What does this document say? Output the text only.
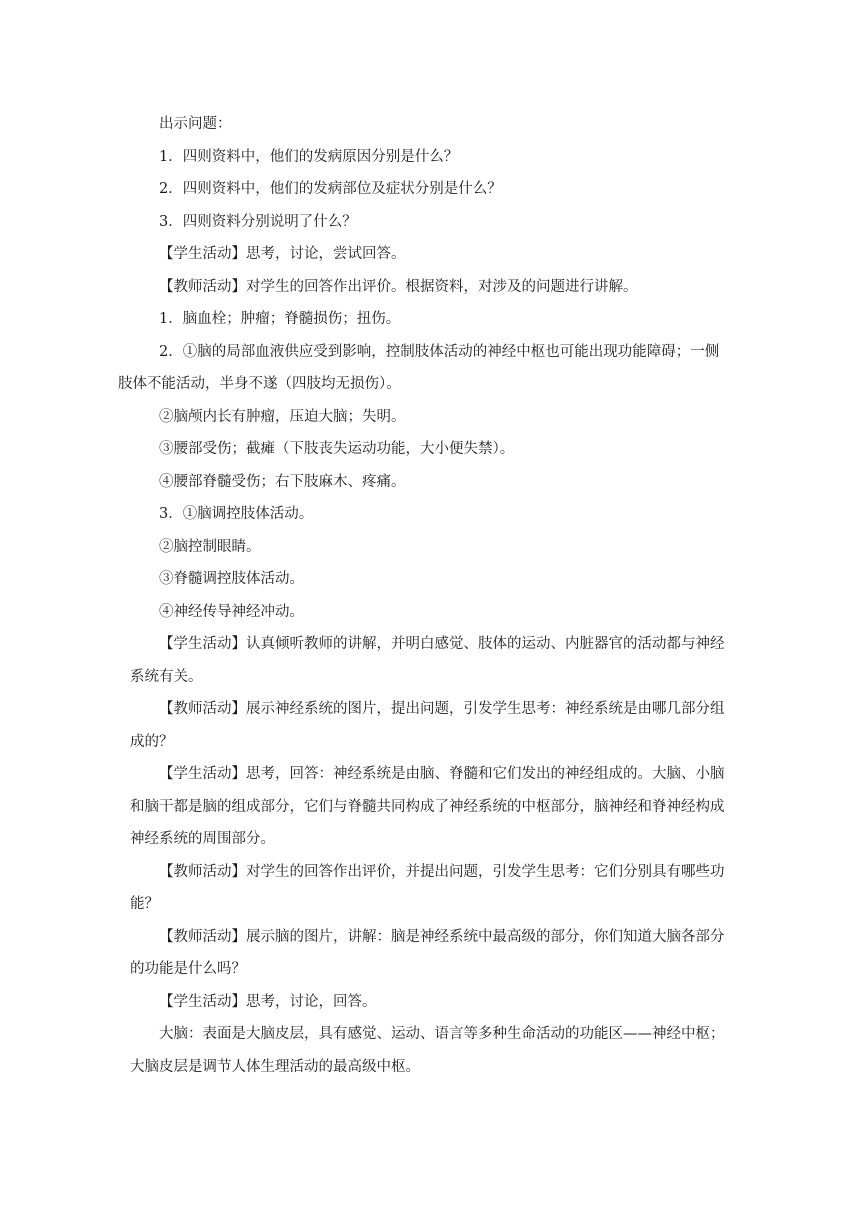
出示问题：

1．四则资料中，他们的发病原因分别是什么？

2．四则资料中，他们的发病部位及症状分别是什么？

3．四则资料分别说明了什么？

【学生活动】思考，讨论，尝试回答。

【教师活动】对学生的回答作出评价。根据资料，对涉及的问题进行讲解。

1．脑血栓；肿瘤；脊髓损伤；扭伤。

2．①脑的局部血液供应受到影响，控制肢体活动的神经中枢也可能出现功能障碍；一侧肢体不能活动，半身不遂（四肢均无损伤）。

②脑颅内长有肿瘤，压迫大脑；失明。

③腰部受伤；截瘫（下肢丧失运动功能，大小便失禁）。

④腰部脊髓受伤；右下肢麻木、疼痛。

3．①脑调控肢体活动。

②脑控制眼睛。

③脊髓调控肢体活动。

④神经传导神经冲动。

【学生活动】认真倾听教师的讲解，并明白感觉、肢体的运动、内脏器官的活动都与神经系统有关。

【教师活动】展示神经系统的图片，提出问题，引发学生思考：神经系统是由哪几部分组成的？

【学生活动】思考，回答：神经系统是由脑、脊髓和它们发出的神经组成的。大脑、小脑和脑干都是脑的组成部分，它们与脊髓共同构成了神经系统的中枢部分，脑神经和脊神经构成神经系统的周围部分。

【教师活动】对学生的回答作出评价，并提出问题，引发学生思考：它们分别具有哪些功能？

【教师活动】展示脑的图片，讲解：脑是神经系统中最高级的部分，你们知道大脑各部分的功能是什么吗？

【学生活动】思考，讨论，回答。

大脑：表面是大脑皮层，具有感觉、运动、语言等多种生命活动的功能区——神经中枢；大脑皮层是调节人体生理活动的最高级中枢。
